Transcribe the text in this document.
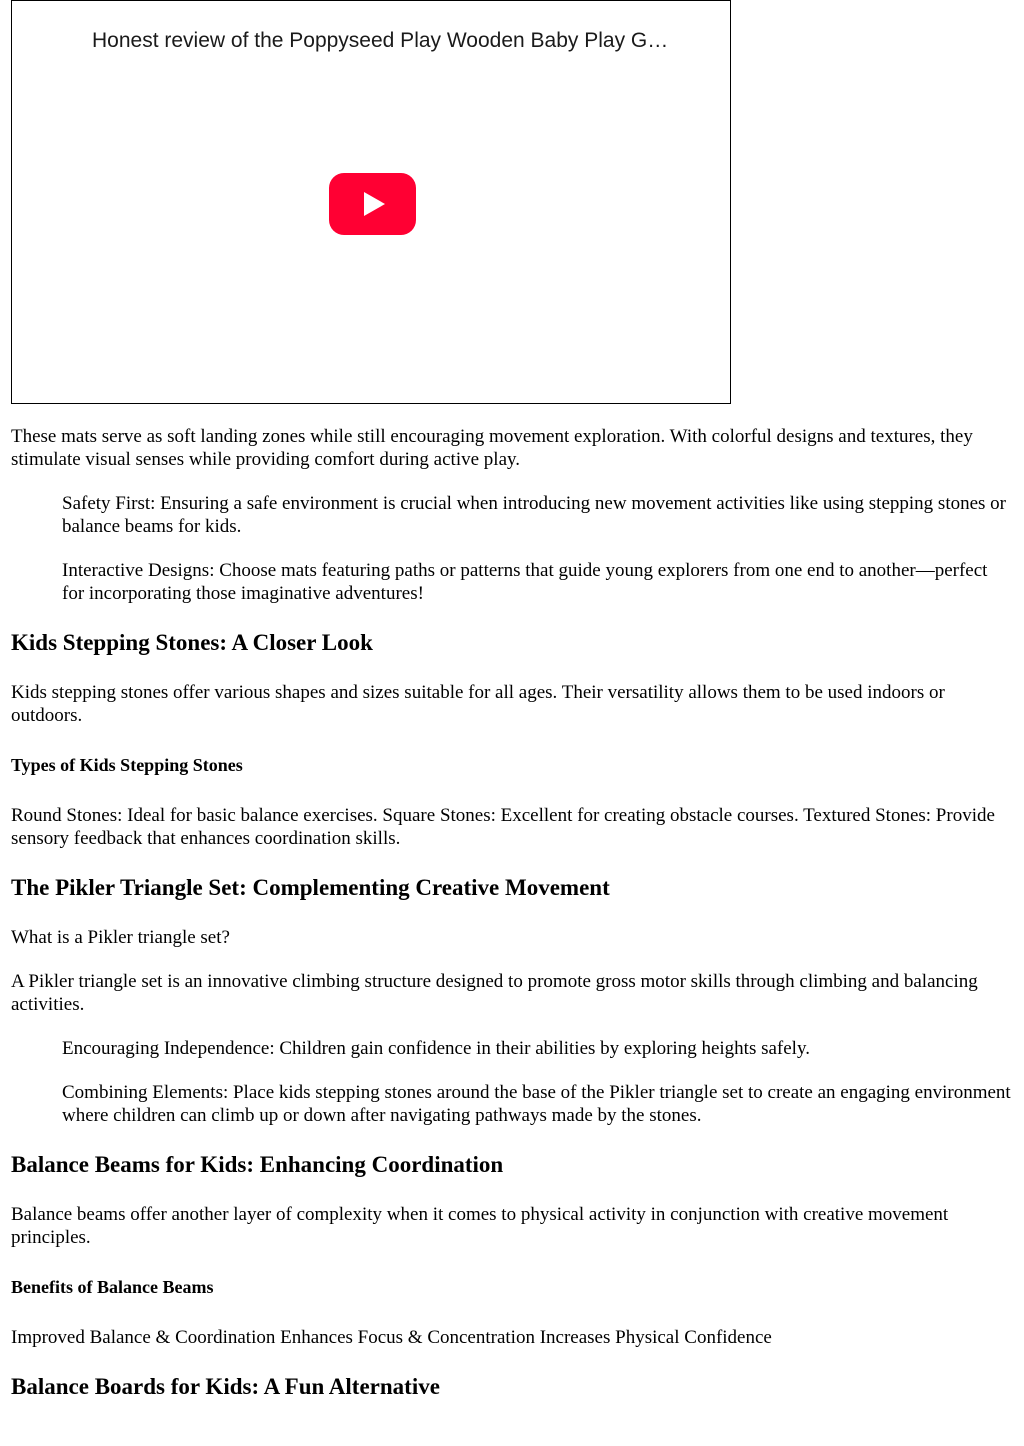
Honest review of the Poppyseed Play Wooden Baby Play G…

These mats serve as soft landing zones while still encouraging movement exploration. With colorful designs and textures, they stimulate visual senses while providing comfort during active play.

Safety First: Ensuring a safe environment is crucial when introducing new movement activities like using stepping stones or balance beams for kids.

Interactive Designs: Choose mats featuring paths or patterns that guide young explorers from one end to another—perfect for incorporating those imaginative adventures!

Kids Stepping Stones: A Closer Look

Kids stepping stones offer various shapes and sizes suitable for all ages. Their versatility allows them to be used indoors or outdoors.

Types of Kids Stepping Stones

Round Stones: Ideal for basic balance exercises. Square Stones: Excellent for creating obstacle courses. Textured Stones: Provide sensory feedback that enhances coordination skills.

The Pikler Triangle Set: Complementing Creative Movement

What is a Pikler triangle set?

A Pikler triangle set is an innovative climbing structure designed to promote gross motor skills through climbing and balancing activities.

Encouraging Independence: Children gain confidence in their abilities by exploring heights safely.

Combining Elements: Place kids stepping stones around the base of the Pikler triangle set to create an engaging environment where children can climb up or down after navigating pathways made by the stones.

Balance Beams for Kids: Enhancing Coordination

Balance beams offer another layer of complexity when it comes to physical activity in conjunction with creative movement principles.

Benefits of Balance Beams

Improved Balance & Coordination Enhances Focus & Concentration Increases Physical Confidence

Balance Boards for Kids: A Fun Alternative
